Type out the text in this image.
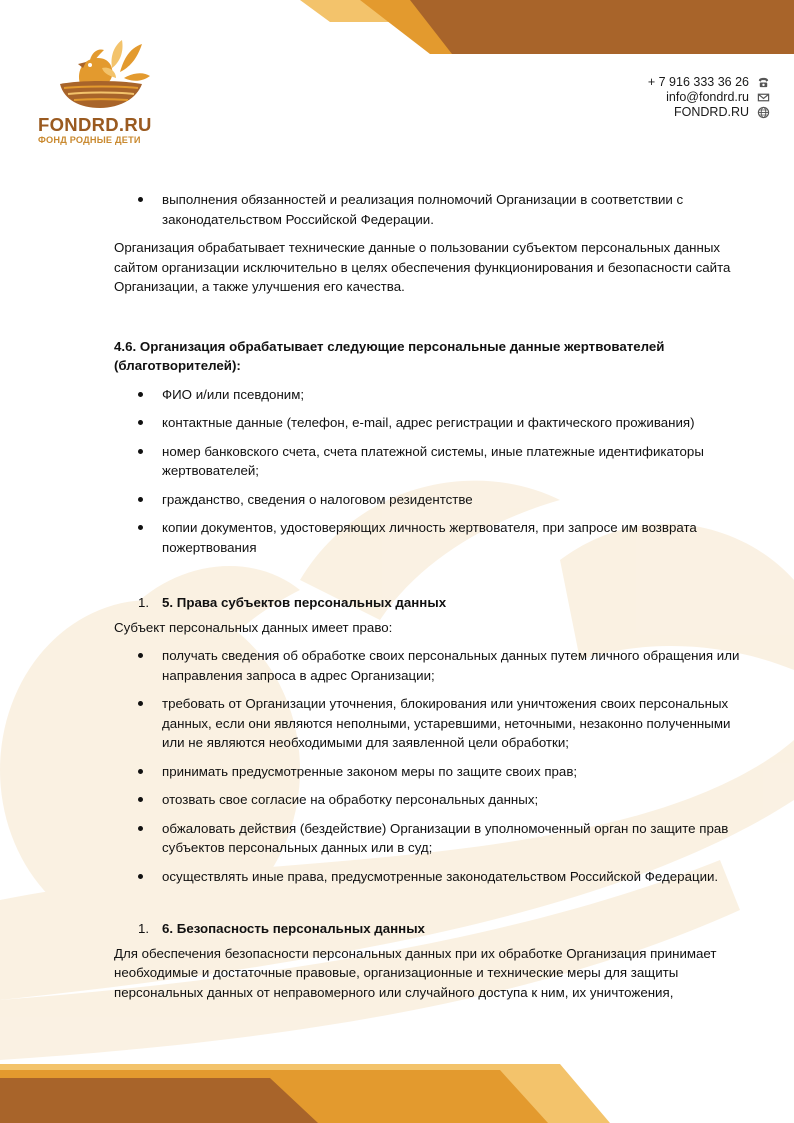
FONDRD.RU
ФОНД РОДНЫЕ ДЕТИ
+ 7 916 333 36 26
info@fondrd.ru
FONDRD.RU
выполнения обязанностей и реализация полномочий Организации в соответствии с законодательством Российской Федерации.

Организация обрабатывает технические данные о пользовании субъектом персональных данных сайтом организации исключительно в целях обеспечения функционирования и безопасности сайта Организации, а также улучшения его качества.

4.6. Организация обрабатывает следующие персональные данные жертвователей (благотворителей):

ФИО и/или псевдоним;
контактные данные (телефон, e-mail, адрес регистрации и фактического проживания)
номер банковского счета, счета платежной системы, иные платежные идентификаторы жертвователей;
гражданство, сведения о налоговом резидентстве
копии документов, удостоверяющих личность жертвователя, при запросе им возврата пожертвования
1. 5. Права субъектов персональных данных

Субъект персональных данных имеет право:

получать сведения об обработке своих персональных данных путем личного обращения или направления запроса в адрес Организации;
требовать от Организации уточнения, блокирования или уничтожения своих персональных данных, если они являются неполными, устаревшими, неточными, незаконно полученными или не являются необходимыми для заявленной цели обработки;
принимать предусмотренные законом меры по защите своих прав;
отозвать свое согласие на обработку персональных данных;
обжаловать действия (бездействие) Организации в уполномоченный орган по защите прав субъектов персональных данных или в суд;
осуществлять иные права, предусмотренные законодательством Российской Федерации.
1. 6. Безопасность персональных данных

Для обеспечения безопасности персональных данных при их обработке Организация принимает необходимые и достаточные правовые, организационные и технические меры для защиты персональных данных от неправомерного или случайного доступа к ним, их уничтожения,
